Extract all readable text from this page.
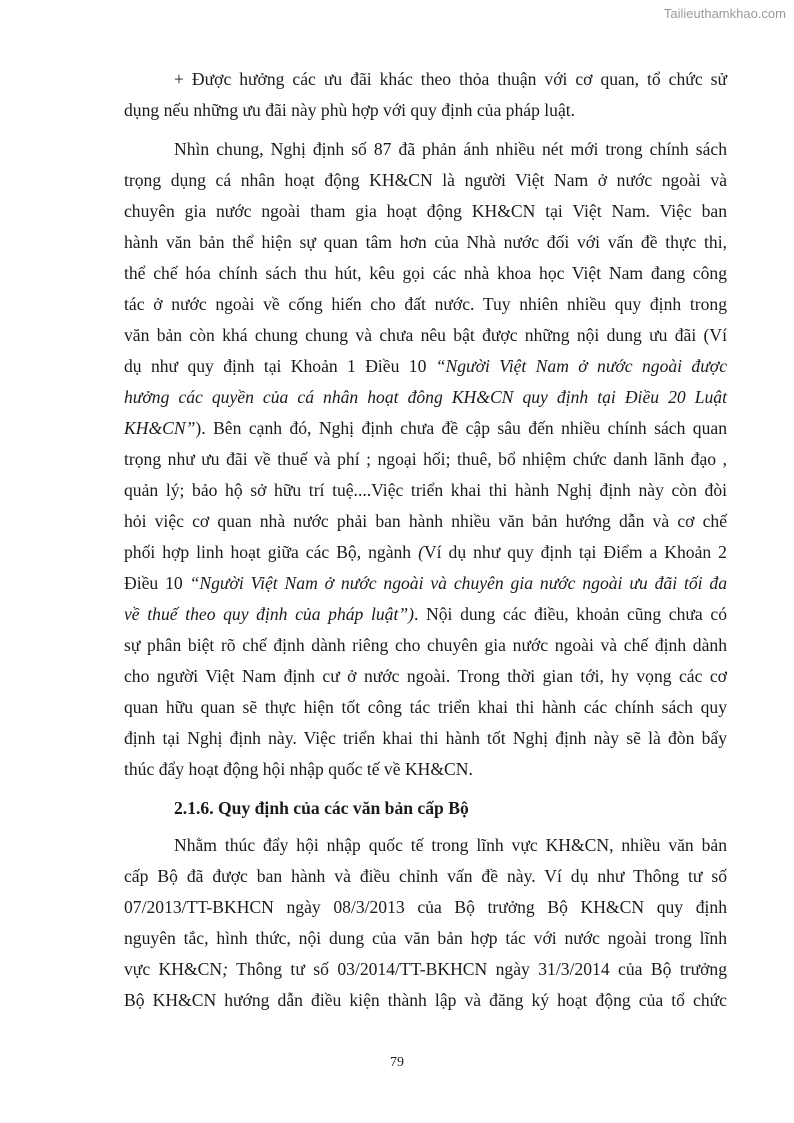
Tailieuthamkhao.com
+ Được hưởng các ưu đãi khác theo thỏa thuận với cơ quan, tổ chức sử
dụng nếu những ưu đãi này phù hợp với quy định của pháp luật.
Nhìn chung, Nghị định số 87 đã phản ánh nhiều nét mới trong chính sách
trọng dụng cá nhân hoạt động KH&CN là người Việt Nam ở nước ngoài và
chuyên gia nước ngoài tham gia hoạt động KH&CN tại Việt Nam. Việc ban
hành văn bản thể hiện sự quan tâm hơn của Nhà nước đối với vấn đề thực thi,
thể chế hóa chính sách thu hút, kêu gọi các nhà khoa học Việt Nam đang công
tác ở nước ngoài về cống hiến cho đất nước. Tuy nhiên nhiều quy định trong
văn bản còn khá chung chung và chưa nêu bật được những nội dung ưu đãi (Ví
dụ như quy định tại Khoản 1 Điều 10 “Người Việt Nam ở nước ngoài được
hưởng các quyền của cá nhân hoạt đông KH&CN quy định tại Điều 20 Luật
KH&CN”). Bên cạnh đó, Nghị định chưa đề cập sâu đến nhiều chính sách quan
trọng như ưu đãi về thuế và phí ; ngoại hối; thuê, bổ nhiệm chức danh lãnh đạo ,
quản lý; bảo hộ sở hữu trí tuệ....Việc triển khai thi hành Nghị định này còn đòi
hỏi việc cơ quan nhà nước phải ban hành nhiều văn bản hướng dẫn và cơ chế
phối hợp linh hoạt giữa các Bộ, ngành (Ví dụ như quy định tại Điểm a Khoản 2
Điều 10 “Người Việt Nam ở nước ngoài và chuyên gia nước ngoài ưu đãi tối đa
về thuế theo quy định của pháp luật”). Nội dung các điều, khoản cũng chưa có
sự phân biệt rõ chế định dành riêng cho chuyên gia nước ngoài và chế định dành
cho người Việt Nam định cư ở nước ngoài. Trong thời gian tới, hy vọng các cơ
quan hữu quan sẽ thực hiện tốt công tác triển khai thi hành các chính sách quy
định tại Nghị định này. Việc triển khai thi hành tốt Nghị định này sẽ là đòn bẩy
thúc đẩy hoạt động hội nhập quốc tế về KH&CN.
2.1.6. Quy định của các văn bản cấp Bộ
Nhằm thúc đẩy hội nhập quốc tế trong lĩnh vực KH&CN, nhiều văn bản
cấp Bộ đã được ban hành và điều chỉnh vấn đề này. Ví dụ như Thông tư số
07/2013/TT-BKHCN ngày 08/3/2013 của Bộ trưởng Bộ KH&CN quy định
nguyên tắc, hình thức, nội dung của văn bản hợp tác với nước ngoài trong lĩnh
vực KH&CN; Thông tư số 03/2014/TT-BKHCN ngày 31/3/2014 của Bộ trưởng
Bộ KH&CN hướng dẫn điều kiện thành lập và đăng ký hoạt động của tổ chức
79
